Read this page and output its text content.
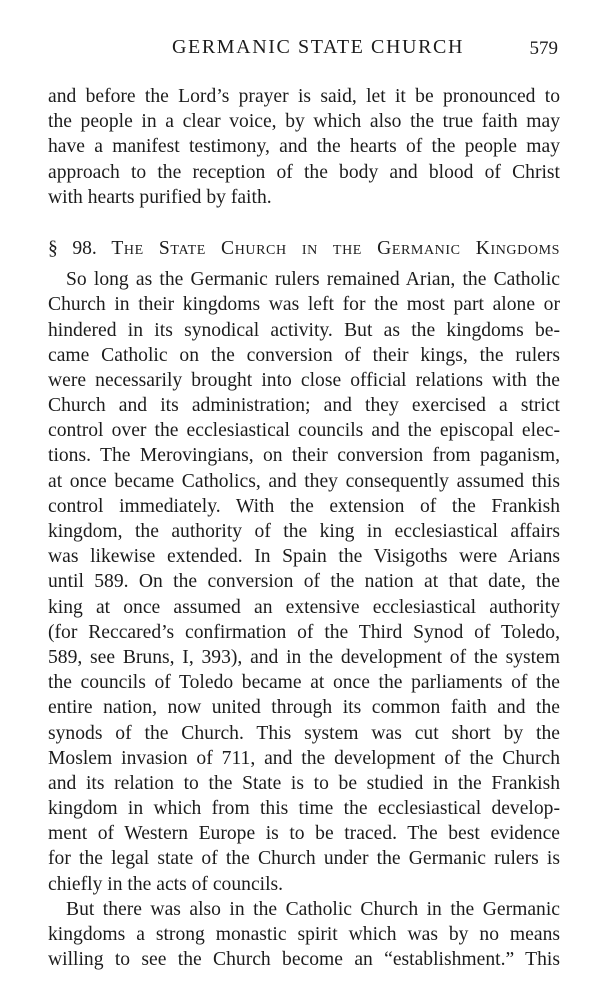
GERMANIC STATE CHURCH	579
and before the Lord’s prayer is said, let it be pronounced to
the people in a clear voice, by which also the true faith may
have a manifest testimony, and the hearts of the people may
approach to the reception of the body and blood of Christ
with hearts purified by faith.
§ 98. The State Church in the Germanic Kingdoms
So long as the Germanic rulers remained Arian, the Catholic
Church in their kingdoms was left for the most part alone or
hindered in its synodical activity. But as the kingdoms be-
came Catholic on the conversion of their kings, the rulers
were necessarily brought into close official relations with the
Church and its administration; and they exercised a strict
control over the ecclesiastical councils and the episcopal elec-
tions. The Merovingians, on their conversion from paganism,
at once became Catholics, and they consequently assumed this
control immediately. With the extension of the Frankish
kingdom, the authority of the king in ecclesiastical affairs
was likewise extended. In Spain the Visigoths were Arians
until 589. On the conversion of the nation at that date, the
king at once assumed an extensive ecclesiastical authority
(for Reccared’s confirmation of the Third Synod of Toledo,
589, see Bruns, I, 393), and in the development of the system
the councils of Toledo became at once the parliaments of the
entire nation, now united through its common faith and the
synods of the Church. This system was cut short by the
Moslem invasion of 711, and the development of the Church
and its relation to the State is to be studied in the Frankish
kingdom in which from this time the ecclesiastical develop-
ment of Western Europe is to be traced. The best evidence
for the legal state of the Church under the Germanic rulers is
chiefly in the acts of councils.
But there was also in the Catholic Church in the Germanic
kingdoms a strong monastic spirit which was by no means
willing to see the Church become an “establishment.” This
